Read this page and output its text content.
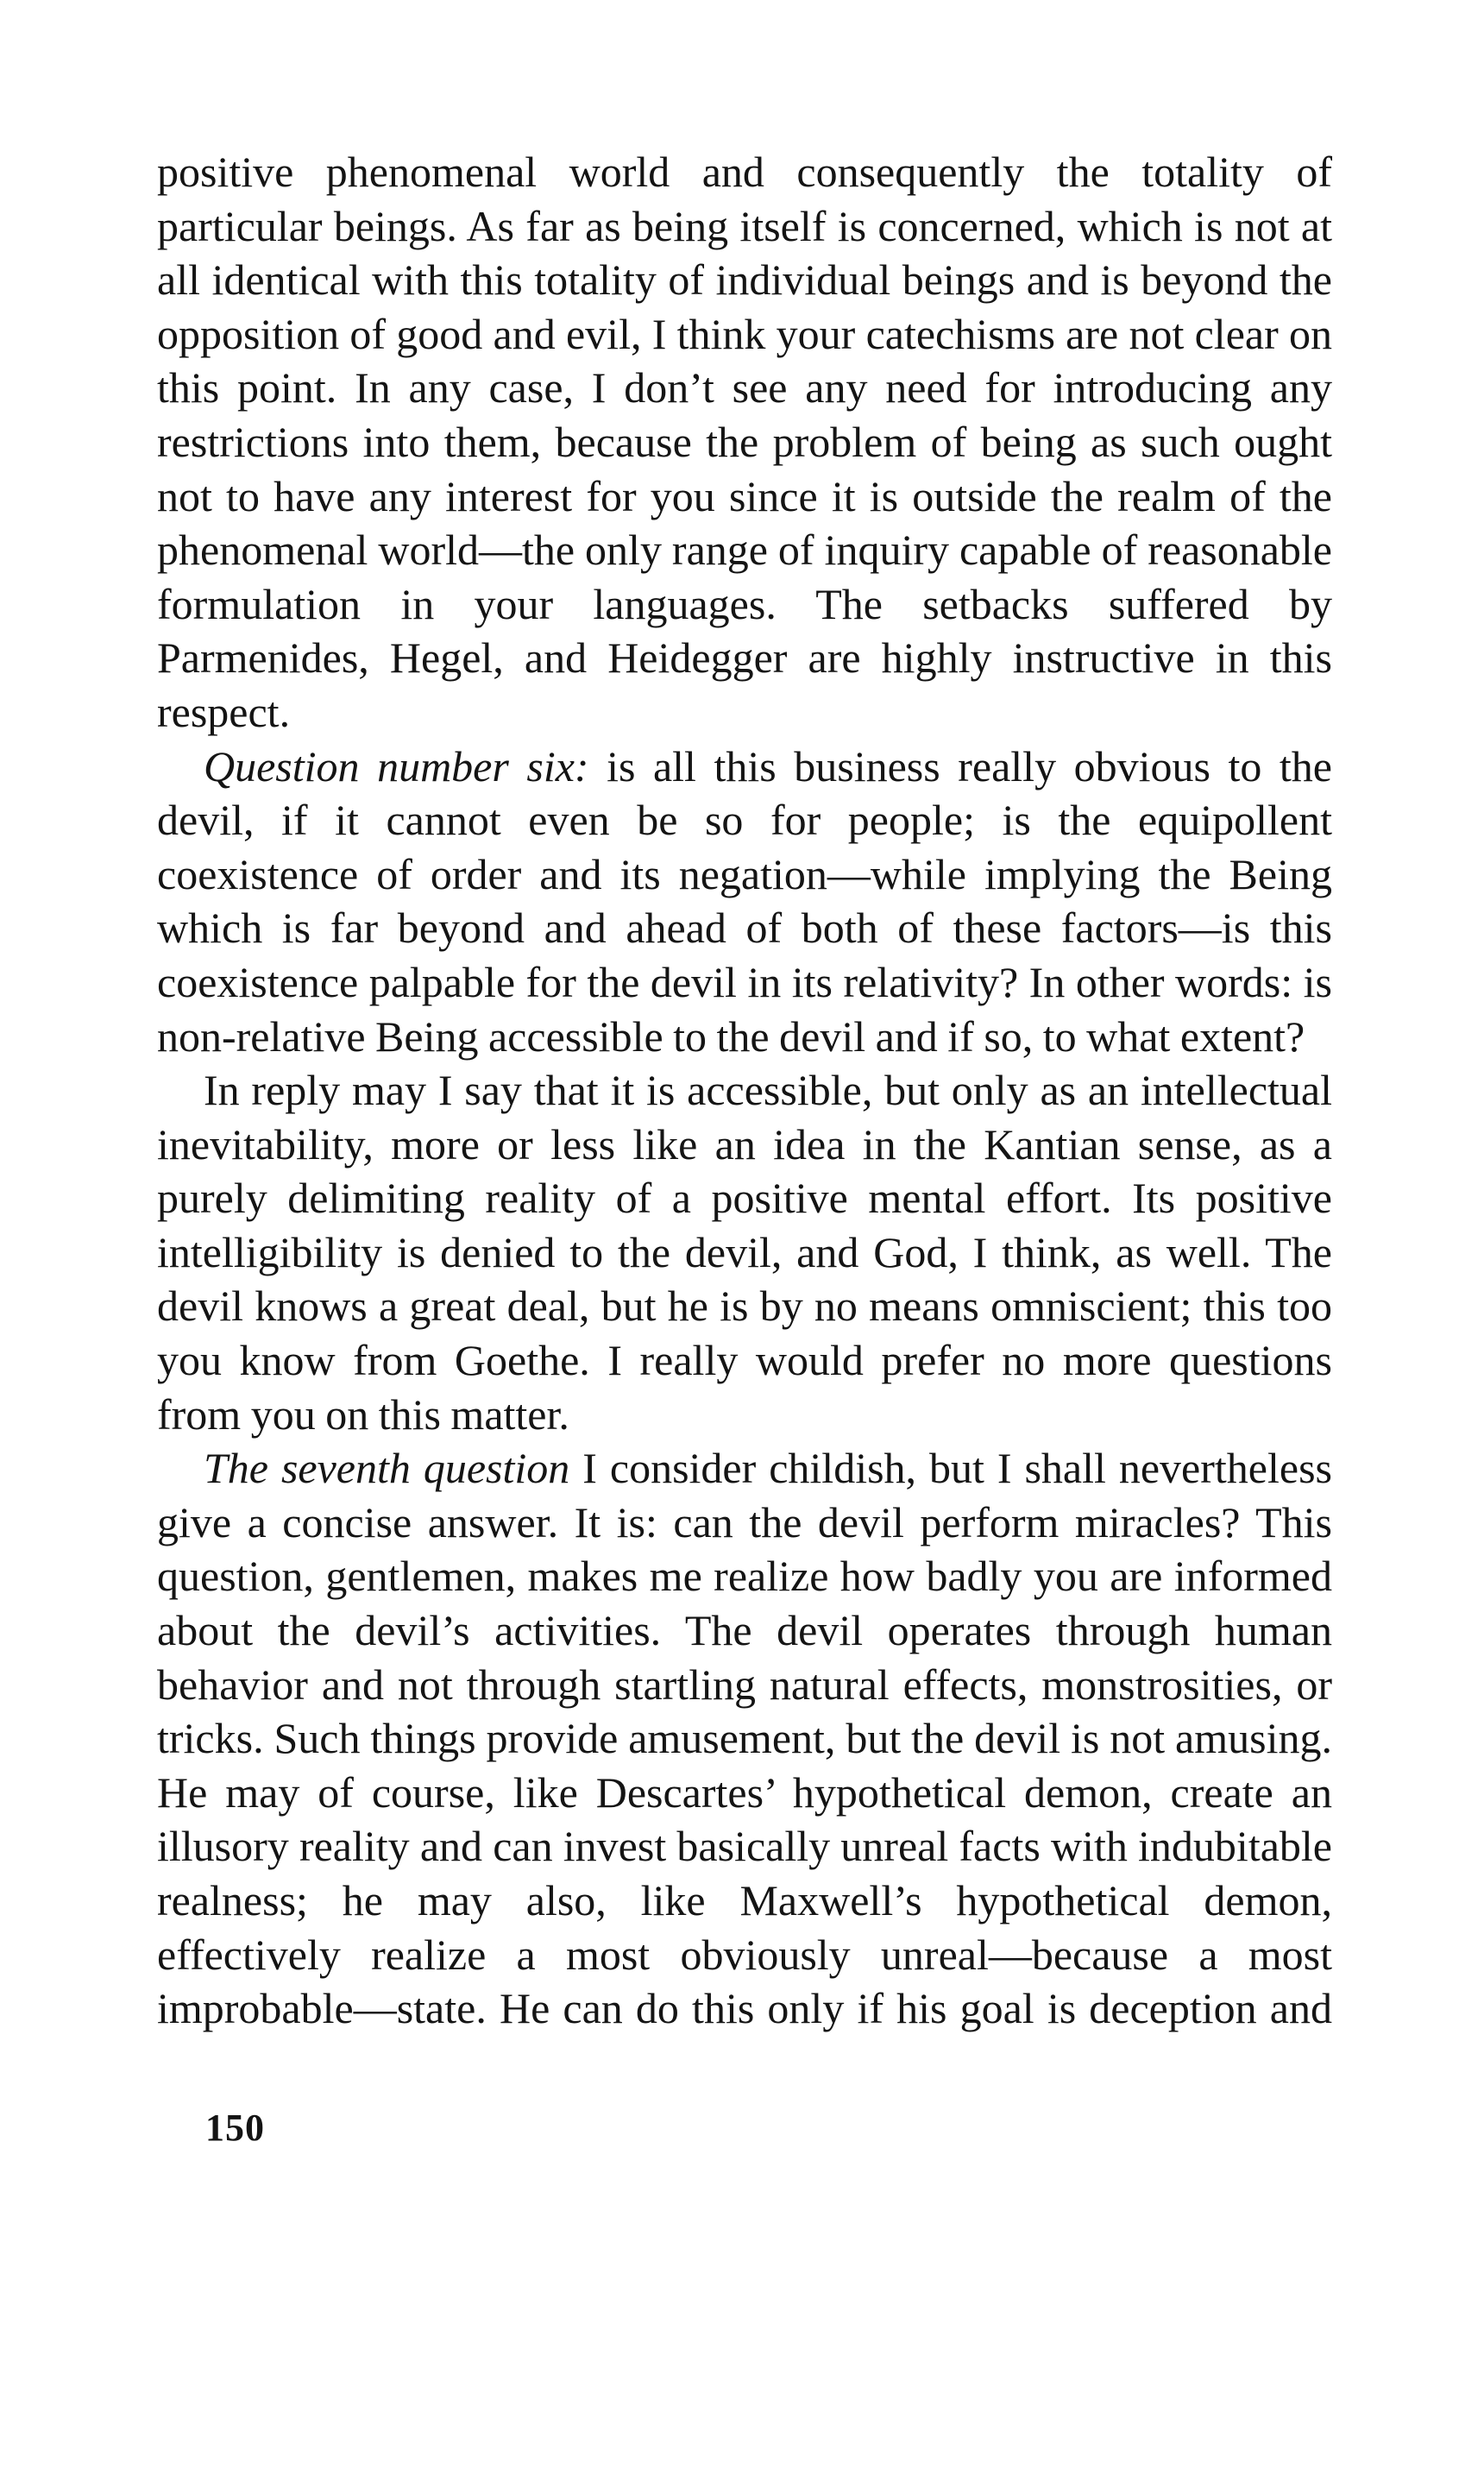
positive phenomenal world and consequently the totality of particular beings. As far as being itself is concerned, which is not at all identical with this totality of individual beings and is beyond the opposition of good and evil, I think your catechisms are not clear on this point. In any case, I don’t see any need for introducing any restrictions into them, because the problem of being as such ought not to have any interest for you since it is outside the realm of the phenomenal world—the only range of inquiry capable of reasonable formulation in your languages. The setbacks suffered by Parmenides, Hegel, and Heidegger are highly instructive in this respect.

Question number six: is all this business really obvious to the devil, if it cannot even be so for people; is the equipollent coexistence of order and its negation—while implying the Being which is far beyond and ahead of both of these factors—is this coexistence palpable for the devil in its relativity? In other words: is non-relative Being accessible to the devil and if so, to what extent?

In reply may I say that it is accessible, but only as an intellectual inevitability, more or less like an idea in the Kantian sense, as a purely delimiting reality of a positive mental effort. Its positive intelligibility is denied to the devil, and God, I think, as well. The devil knows a great deal, but he is by no means omniscient; this too you know from Goethe. I really would prefer no more questions from you on this matter.

The seventh question I consider childish, but I shall nevertheless give a concise answer. It is: can the devil perform miracles? This question, gentlemen, makes me realize how badly you are informed about the devil’s activities. The devil operates through human behavior and not through startling natural effects, monstrosities, or tricks. Such things provide amusement, but the devil is not amusing. He may of course, like Descartes’ hypothetical demon, create an illusory reality and can invest basically unreal facts with indubitable realness; he may also, like Maxwell’s hypothetical demon, effectively realize a most obviously unreal—because a most improbable—state. He can do this only if his goal is deception and

150
